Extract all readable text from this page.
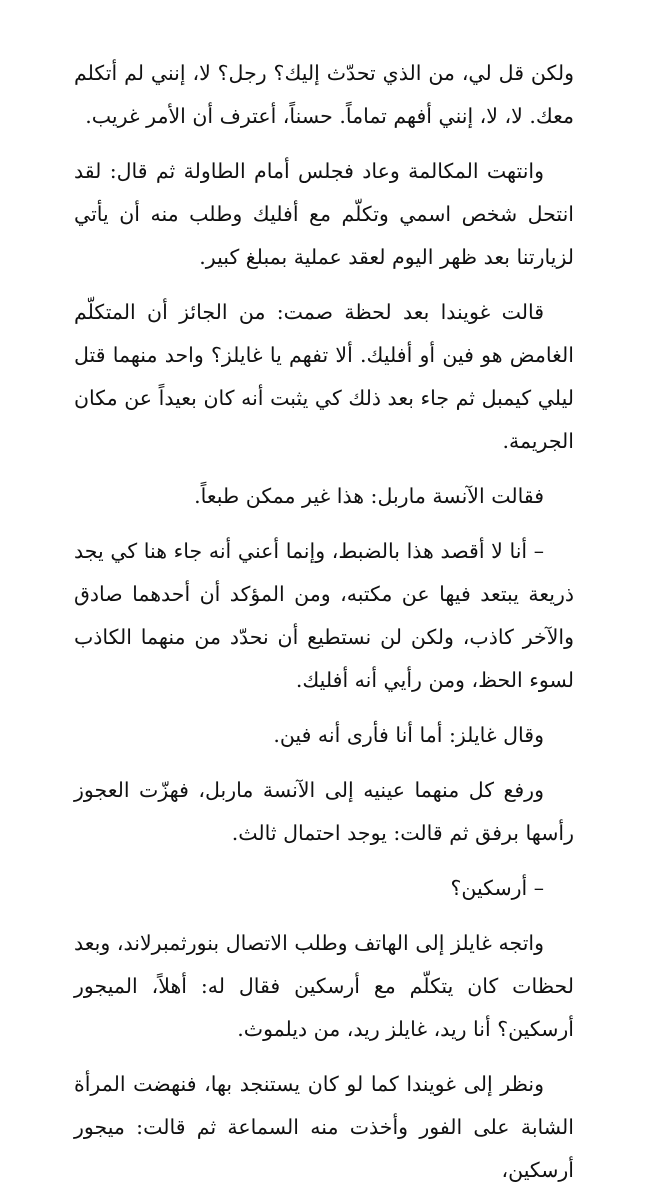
ولكن قل لي، من الذي تحدّث إليك؟ رجل؟ لا، إنني لم أتكلم معك. لا، لا، إنني أفهم تماماً. حسناً، أعترف أن الأمر غريب.

وانتهت المكالمة وعاد فجلس أمام الطاولة ثم قال: لقد انتحل شخص اسمي وتكلّم مع أفليك وطلب منه أن يأتي لزيارتنا بعد ظهر اليوم لعقد عملية بمبلغ كبير.

قالت غويندا بعد لحظة صمت: من الجائز أن المتكلّم الغامض هو فين أو أفليك. ألا تفهم يا غايلز؟ واحد منهما قتل ليلي كيمبل ثم جاء بعد ذلك كي يثبت أنه كان بعيداً عن مكان الجريمة.

فقالت الآنسة ماربل: هذا غير ممكن طبعاً.

– أنا لا أقصد هذا بالضبط، وإنما أعني أنه جاء هنا كي يجد ذريعة يبتعد فيها عن مكتبه، ومن المؤكد أن أحدهما صادق والآخر كاذب، ولكن لن نستطيع أن نحدّد من منهما الكاذب لسوء الحظ، ومن رأيي أنه أفليك.

وقال غايلز: أما أنا فأرى أنه فين.

ورفع كل منهما عينيه إلى الآنسة ماربل، فهزّت العجوز رأسها برفق ثم قالت: يوجد احتمال ثالث.

– أرسكين؟

واتجه غايلز إلى الهاتف وطلب الاتصال بنورثمبرلاند، وبعد لحظات كان يتكلّم مع أرسكين فقال له: أهلاً، الميجور أرسكين؟ أنا ريد، غايلز ريد، من ديلموث.

ونظر إلى غويندا كما لو كان يستنجد بها، فنهضت المرأة الشابة على الفور وأخذت منه السماعة ثم قالت: ميجور أرسكين،
